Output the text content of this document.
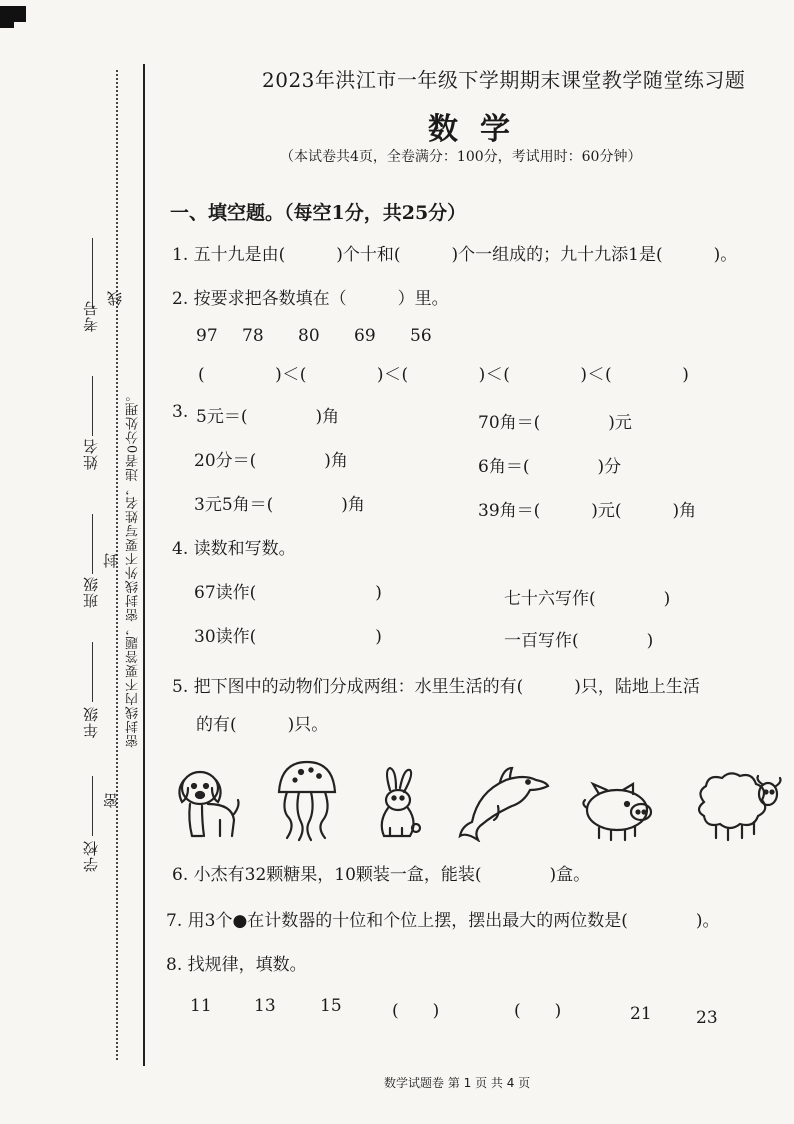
考号
线
姓名 密封线内不要答题，密封线外不要写姓名，违者0分处理。
封
班级
年级
密
学校
2023年洪江市一年级下学期期末课堂教学随堂练习题
数学
（本试卷共4页，全卷满分：100分，考试用时：60分钟）
一、填空题。（每空1分，共25分）
1. 五十九是由(　　　)个十和(　　　)个一组成的；九十九添1是(　　　)。
2. 按要求把各数填在（　　　）里。
97 78 80 69 56
(　　　　)＜(　　　　)＜(　　　　)＜(　　　　)＜(　　　　)
3. 5元＝(　　　　)角	70角＝(　　　　)元
20分＝(　　　　)角	6角＝(　　　　)分
3元5角＝(　　　　)角	39角＝(　　　)元(　　　)角
4. 读数和写数。
67读作(　　　　　　　)	七十六写作(　　　　)
30读作(　　　　　　　)	一百写作(　　　　)
5. 把下图中的动物们分成两组：水里生活的有(　　　)只，陆地上生活
的有(　　　)只。
6. 小杰有32颗糖果，10颗装一盒，能装(　　　　)盒。
7. 用3个●在计数器的十位和个位上摆，摆出最大的两位数是(　　　　)。
8. 找规律，填数。
11 13	15	(　　)	(　　)	21	23
数学试题卷 第 1 页 共 4 页
